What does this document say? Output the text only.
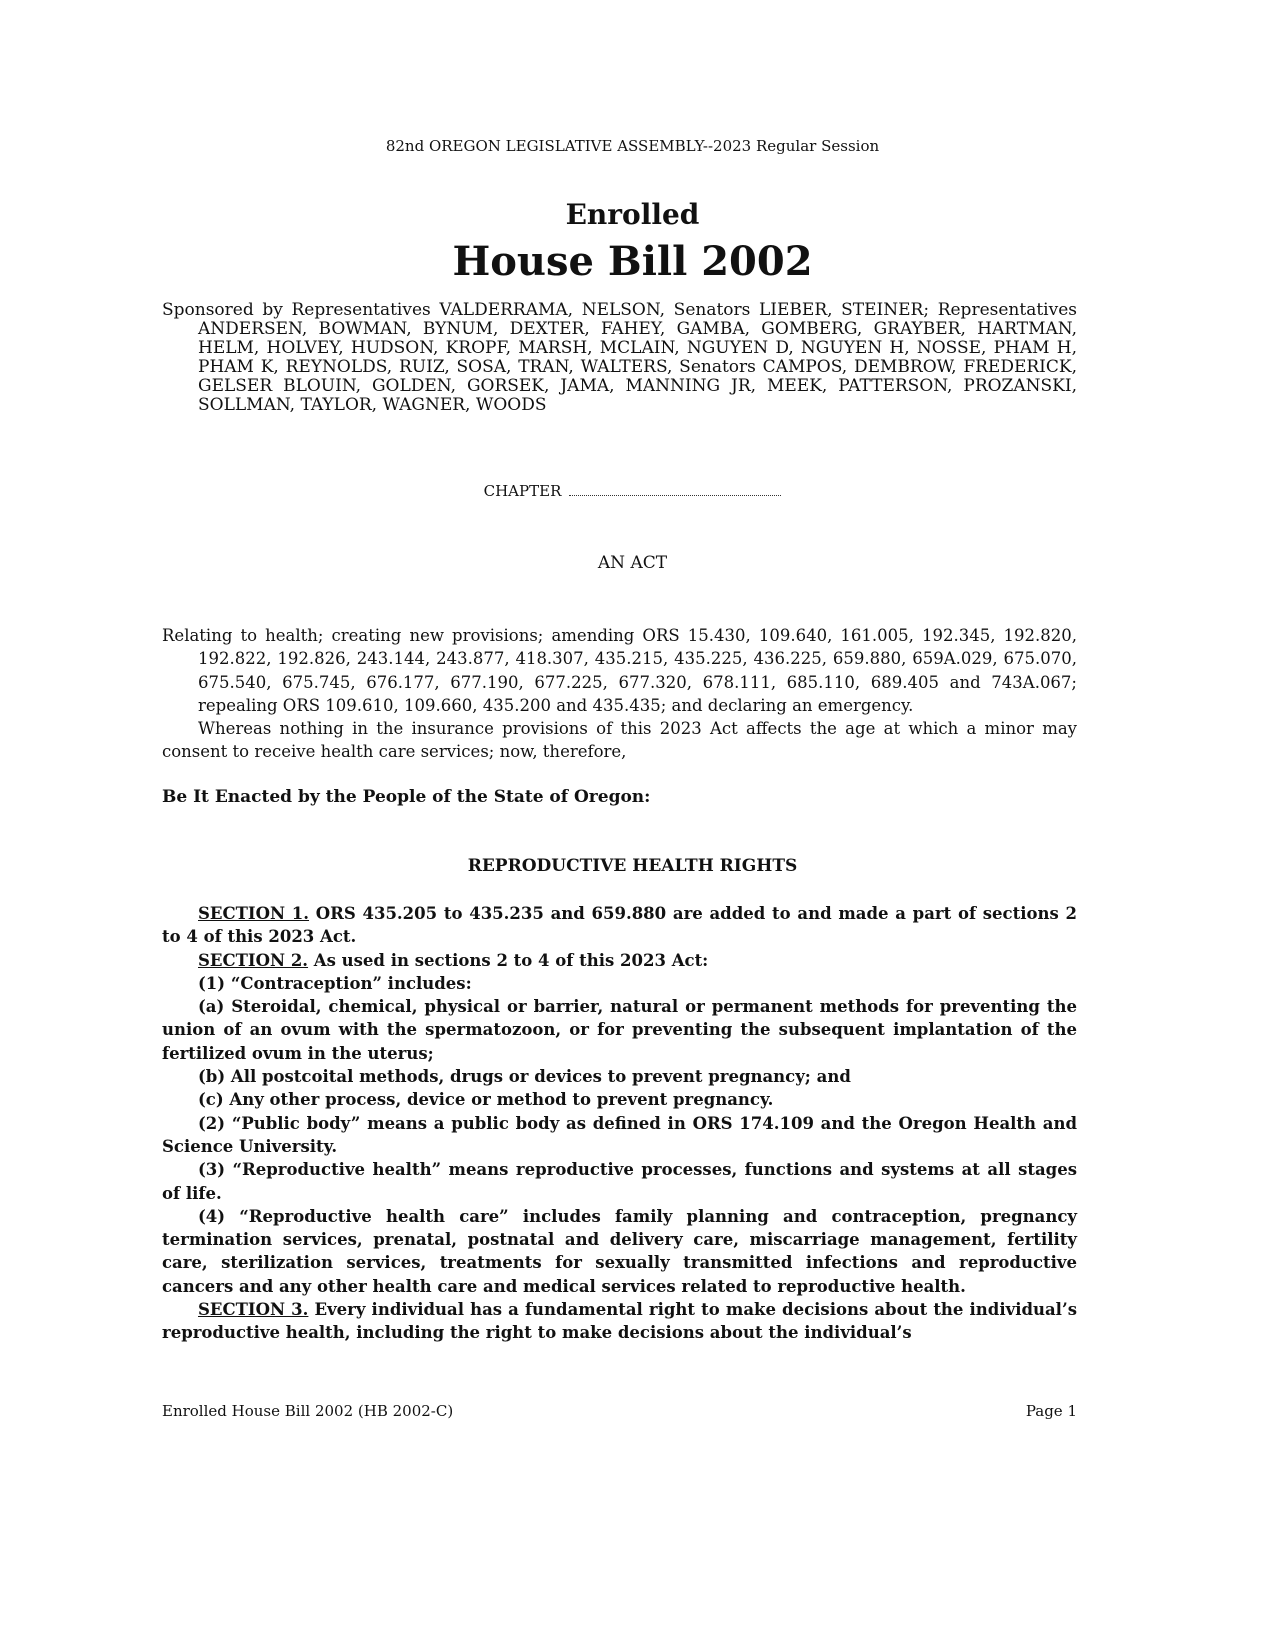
82nd OREGON LEGISLATIVE ASSEMBLY--2023 Regular Session
Enrolled
House Bill 2002
Sponsored by Representatives VALDERRAMA, NELSON, Senators LIEBER, STEINER; Representatives ANDERSEN, BOWMAN, BYNUM, DEXTER, FAHEY, GAMBA, GOMBERG, GRAYBER, HARTMAN, HELM, HOLVEY, HUDSON, KROPF, MARSH, MCLAIN, NGUYEN D, NGUYEN H, NOSSE, PHAM H, PHAM K, REYNOLDS, RUIZ, SOSA, TRAN, WALTERS, Senators CAMPOS, DEMBROW, FREDERICK, GELSER BLOUIN, GOLDEN, GORSEK, JAMA, MANNING JR, MEEK, PATTERSON, PROZANSKI, SOLLMAN, TAYLOR, WAGNER, WOODS
CHAPTER
AN ACT
Relating to health; creating new provisions; amending ORS 15.430, 109.640, 161.005, 192.345, 192.820, 192.822, 192.826, 243.144, 243.877, 418.307, 435.215, 435.225, 436.225, 659.880, 659A.029, 675.070, 675.540, 675.745, 676.177, 677.190, 677.225, 677.320, 678.111, 685.110, 689.405 and 743A.067; repealing ORS 109.610, 109.660, 435.200 and 435.435; and declaring an emergency.
Whereas nothing in the insurance provisions of this 2023 Act affects the age at which a minor may consent to receive health care services; now, therefore,
Be It Enacted by the People of the State of Oregon:
REPRODUCTIVE HEALTH RIGHTS

SECTION 1. ORS 435.205 to 435.235 and 659.880 are added to and made a part of sections 2 to 4 of this 2023 Act.

SECTION 2. As used in sections 2 to 4 of this 2023 Act:

(1) “Contraception” includes:

(a) Steroidal, chemical, physical or barrier, natural or permanent methods for preventing the union of an ovum with the spermatozoon, or for preventing the subsequent implantation of the fertilized ovum in the uterus;

(b) All postcoital methods, drugs or devices to prevent pregnancy; and

(c) Any other process, device or method to prevent pregnancy.

(2) “Public body” means a public body as defined in ORS 174.109 and the Oregon Health and Science University.

(3) “Reproductive health” means reproductive processes, functions and systems at all stages of life.

(4) “Reproductive health care” includes family planning and contraception, pregnancy termination services, prenatal, postnatal and delivery care, miscarriage management, fertility care, sterilization services, treatments for sexually transmitted infections and reproductive cancers and any other health care and medical services related to reproductive health.

SECTION 3. Every individual has a fundamental right to make decisions about the individual’s reproductive health, including the right to make decisions about the individual’s

Enrolled House Bill 2002 (HB 2002-C)	Page 1
